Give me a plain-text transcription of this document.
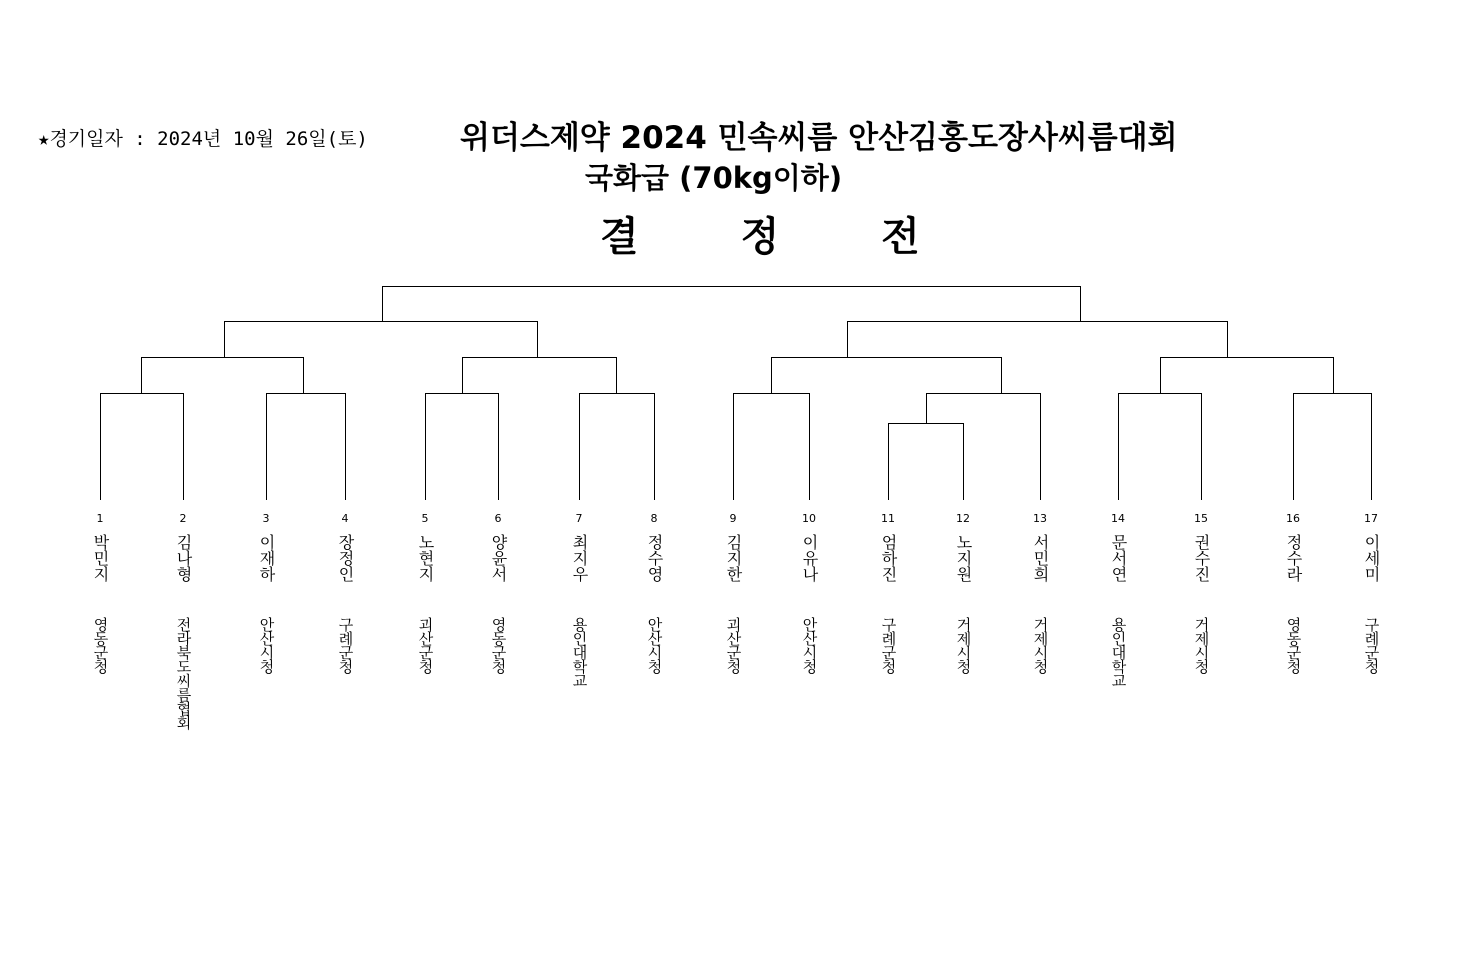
★경기일자 : 2024년 10월 26일(토)	위더스제약 2024 민속씨름 안산김홍도장사씨름대회
국화급 (70kg이하)
결 정 전
1
박민지
영동군청
2
김나형
전라북도씨름협회
3
이재하
안산시청
4
장정인
구례군청
5
노현지
괴산군청
6
양윤서
영동군청
7
최지우
용인대학교
8
정수영
안산시청
9
김지한
괴산군청
10
이유나
안산시청
11
엄하진
구례군청
12
노지원
거제시청
13
서민희
거제시청
14
문서연
용인대학교
15
권수진
거제시청
16
정수라
영동군청
17
이세미
구례군청
